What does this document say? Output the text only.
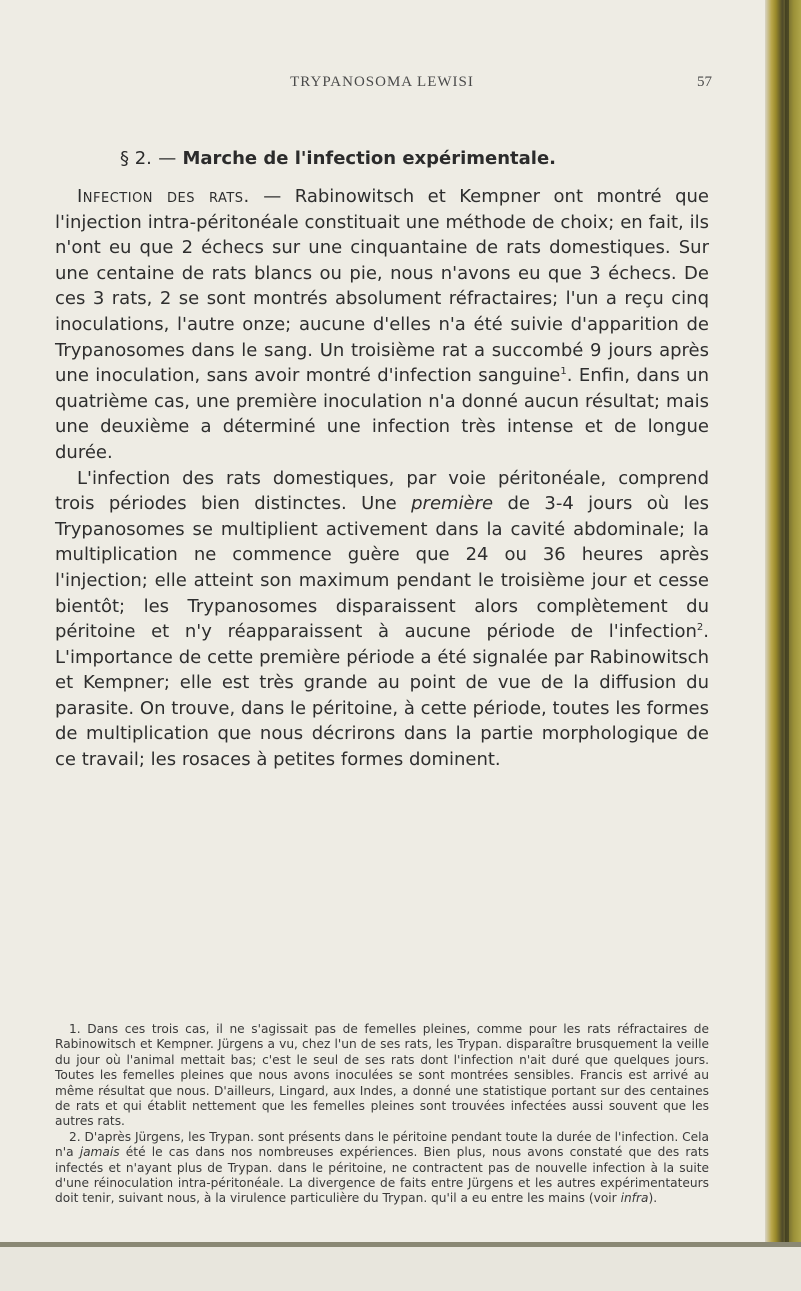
TRYPANOSOMA LEWISI	57
§ 2. — Marche de l'infection expérimentale.

Infection des rats. — Rabinowitsch et Kempner ont montré que l'injection intra-péritonéale constituait une méthode de choix; en fait, ils n'ont eu que 2 échecs sur une cinquantaine de rats domestiques. Sur une centaine de rats blancs ou pie, nous n'avons eu que 3 échecs. De ces 3 rats, 2 se sont montrés absolument réfractaires; l'un a reçu cinq inoculations, l'autre onze; aucune d'elles n'a été suivie d'apparition de Trypanosomes dans le sang. Un troisième rat a succombé 9 jours après une inoculation, sans avoir montré d'infection sanguine$^1$. Enfin, dans un quatrième cas, une première inoculation n'a donné aucun résultat; mais une deuxième a déterminé une infection très intense et de longue durée.

L'infection des rats domestiques, par voie péritonéale, comprend trois périodes bien distinctes. Une première de 3-4 jours où les Trypanosomes se multiplient activement dans la cavité abdominale; la multiplication ne commence guère que 24 ou 36 heures après l'injection; elle atteint son maximum pendant le troisième jour et cesse bientôt; les Trypanosomes disparaissent alors complètement du péritoine et n'y réapparaissent à aucune période de l'infection$^2$. L'importance de cette première période a été signalée par Rabinowitsch et Kempner; elle est très grande au point de vue de la diffusion du parasite. On trouve, dans le péritoine, à cette période, toutes les formes de multiplication que nous décrirons dans la partie morphologique de ce travail; les rosaces à petites formes dominent.

1. Dans ces trois cas, il ne s'agissait pas de femelles pleines, comme pour les rats réfractaires de Rabinowitsch et Kempner. Jürgens a vu, chez l'un de ses rats, les Trypan. disparaître brusquement la veille du jour où l'animal mettait bas; c'est le seul de ses rats dont l'infection n'ait duré que quelques jours. Toutes les femelles pleines que nous avons inoculées se sont montrées sensibles. Francis est arrivé au même résultat que nous. D'ailleurs, Lingard, aux Indes, a donné une statistique portant sur des centaines de rats et qui établit nettement que les femelles pleines sont trouvées infectées aussi souvent que les autres rats.

2. D'après Jürgens, les Trypan. sont présents dans le péritoine pendant toute la durée de l'infection. Cela n'a jamais été le cas dans nos nombreuses expériences. Bien plus, nous avons constaté que des rats infectés et n'ayant plus de Trypan. dans le péritoine, ne contractent pas de nouvelle infection à la suite d'une réinoculation intra-péritonéale. La divergence de faits entre Jürgens et les autres expérimentateurs doit tenir, suivant nous, à la virulence particulière du Trypan. qu'il a eu entre les mains (voir infra).
